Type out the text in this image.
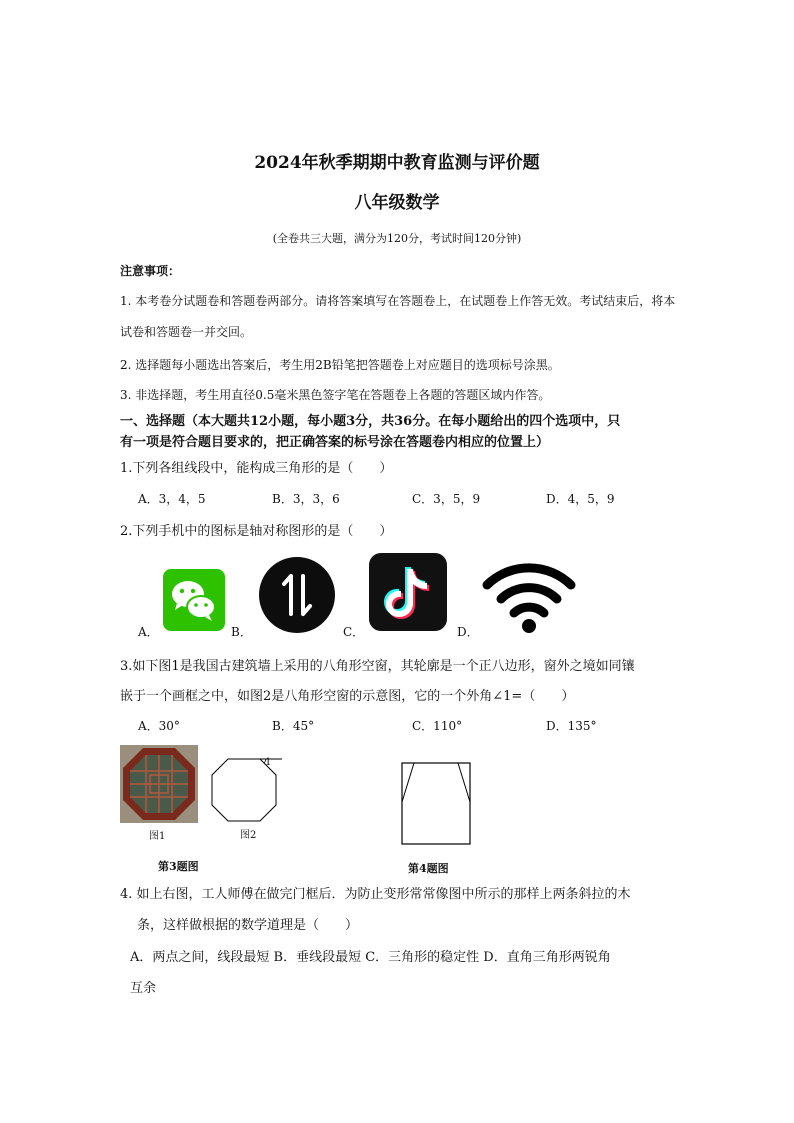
2024年秋季期期中教育监测与评价题
八年级数学
(全卷共三大题，满分为120分，考试时间120分钟)
注意事项：
1. 本考卷分试题卷和答题卷两部分。请将答案填写在答题卷上，在试题卷上作答无效。考试结束后，将本
试卷和答题卷一并交回。
2. 选择题每小题选出答案后，考生用2B铅笔把答题卷上对应题目的选项标号涂黑。
3. 非选择题，考生用直径0.5毫米黑色签字笔在答题卷上各题的答题区域内作答。
一、选择题（本大题共12小题，每小题3分，共36分。在每小题给出的四个选项中，只
有一项是符合题目要求的，把正确答案的标号涂在答题卷内相应的位置上）
1.下列各组线段中，能构成三角形的是（　　）
A．3，4，5	B．3，3，6	C．3，5，9	D．4，5，9
2.下列手机中的图标是轴对称图形的是（　　）
A．	B．	C．	D．
3.如下图1是我国古建筑墙上采用的八角形空窗，其轮廓是一个正八边形，窗外之境如同镶
嵌于一个画框之中，如图2是八角形空窗的示意图，它的一个外角∠1=（　　）
A．30°	B．45°	C．110°	D．135°
图1
1
图2
第3题图	第4题图
4. 如上右图，工人师傅在做完门框后．为防止变形常常像图中所示的那样上两条斜拉的木
条，这样做根据的数学道理是（　　）
A．两点之间，线段最短 B．垂线段最短 C．三角形的稳定性 D．直角三角形两锐角
互余
